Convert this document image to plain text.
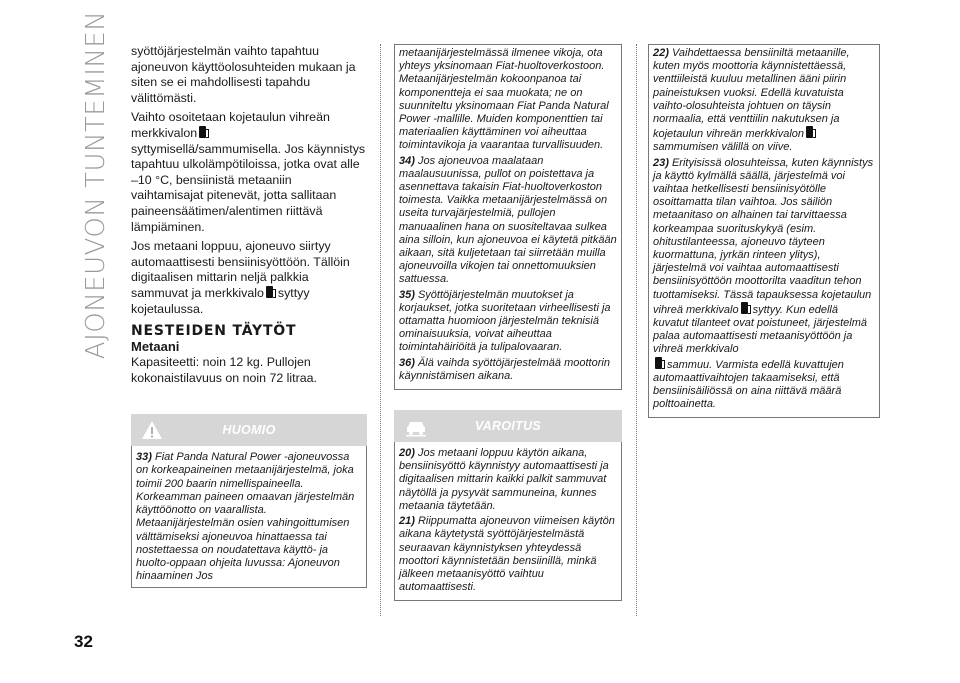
AJONEUVON TUNTEMINEN
32

syöttöjärjestelmän vaihto tapahtuu ajoneuvon käyttöolosuhteiden mukaan ja siten se ei mahdollisesti tapahdu välittömästi.

Vaihto osoitetaan kojetaulun vihreän merkkivalon
syttymisellä/sammumisella. Jos käynnistys tapahtuu ulkolämpötiloissa, jotka ovat alle –10 °C, bensiinistä metaaniin vaihtamisajat pitenevät, jotta sallitaan paineensäätimen/alentimen riittävä lämpiäminen.

Jos metaani loppuu, ajoneuvo siirtyy automaattisesti bensiinisyöttöön. Tällöin digitaalisen mittarin neljä palkkia sammuvat ja merkkivalo syttyy kojetaulussa.

NESTEIDEN TÄYTÖT
Metaani

Kapasiteetti: noin 12 kg. Pullojen kokonaistilavuus on noin 72 litraa.

HUOMIO

33) Fiat Panda Natural Power -ajoneuvossa on korkeapaineinen metaanijärjestelmä, joka toimii 200 baarin nimellispaineella. Korkeamman paineen omaavan järjestelmän käyttöönotto on vaarallista. Metaanijärjestelmän osien vahingoittumisen välttämiseksi ajoneuvoa hinattaessa tai nostettaessa on noudatettava käyttö- ja huolto-oppaan ohjeita luvussa: Ajoneuvon hinaaminen Jos

metaanijärjestelmässä ilmenee vikoja, ota yhteys yksinomaan Fiat-huoltoverkostoon. Metaanijärjestelmän kokoonpanoa tai komponentteja ei saa muokata; ne on suunniteltu yksinomaan Fiat Panda Natural Power -mallille. Muiden komponenttien tai materiaalien käyttäminen voi aiheuttaa toimintavikoja ja vaarantaa turvallisuuden.

34) Jos ajoneuvoa maalataan maalausuunissa, pullot on poistettava ja asennettava takaisin Fiat-huoltoverkoston toimesta. Vaikka metaanijärjestelmässä on useita turvajärjestelmiä, pullojen manuaalinen hana on suositeltavaa sulkea aina silloin, kun ajoneuvoa ei käytetä pitkään aikaan, sitä kuljetetaan tai siirretään muilla ajoneuvoilla vikojen tai onnettomuuksien sattuessa.

35) Syöttöjärjestelmän muutokset ja korjaukset, jotka suoritetaan virheellisesti ja ottamatta huomioon järjestelmän teknisiä ominaisuuksia, voivat aiheuttaa toimintahäiriöitä ja tulipalovaaran.

36) Älä vaihda syöttöjärjestelmää moottorin käynnistämisen aikana.

VAROITUS

20) Jos metaani loppuu käytön aikana, bensiinisyöttö käynnistyy automaattisesti ja digitaalisen mittarin kaikki palkit sammuvat näytöllä ja pysyvät sammuneina, kunnes metaania täytetään.

21) Riippumatta ajoneuvon viimeisen käytön aikana käytetystä syöttöjärjestelmästä seuraavan käynnistyksen yhteydessä moottori käynnistetään bensiinillä, minkä jälkeen metaanisyöttö vaihtuu automaattisesti.

22) Vaihdettaessa bensiiniltä metaanille, kuten myös moottoria käynnistettäessä, venttiileistä kuuluu metallinen ääni piirin paineistuksen vuoksi. Edellä kuvatuista vaihto-olosuhteista johtuen on täysin normaalia, että venttiilin nakutuksen ja kojetaulun vihreän merkkivalon sammumisen välillä on viive.

23) Erityisissä olosuhteissa, kuten käynnistys ja käyttö kylmällä säällä, järjestelmä voi vaihtaa hetkellisesti bensiinisyötölle osoittamatta tilan vaihtoa. Jos säiliön metaanitaso on alhainen tai tarvittaessa korkeampaa suorituskykyä (esim. ohitustilanteessa, ajoneuvo täyteen kuormattuna, jyrkän rinteen ylitys), järjestelmä voi vaihtaa automaattisesti bensiinisyöttöön moottorilta vaaditun tehon tuottamiseksi. Tässä tapauksessa kojetaulun vihreä merkkivalo syttyy. Kun edellä kuvatut tilanteet ovat poistuneet, järjestelmä palaa automaattisesti metaanisyöttöön ja vihreä merkkivalo
sammuu. Varmista edellä kuvattujen automaattivaihtojen takaamiseksi, että bensiinisäiliössä on aina riittävä määrä polttoainetta.
